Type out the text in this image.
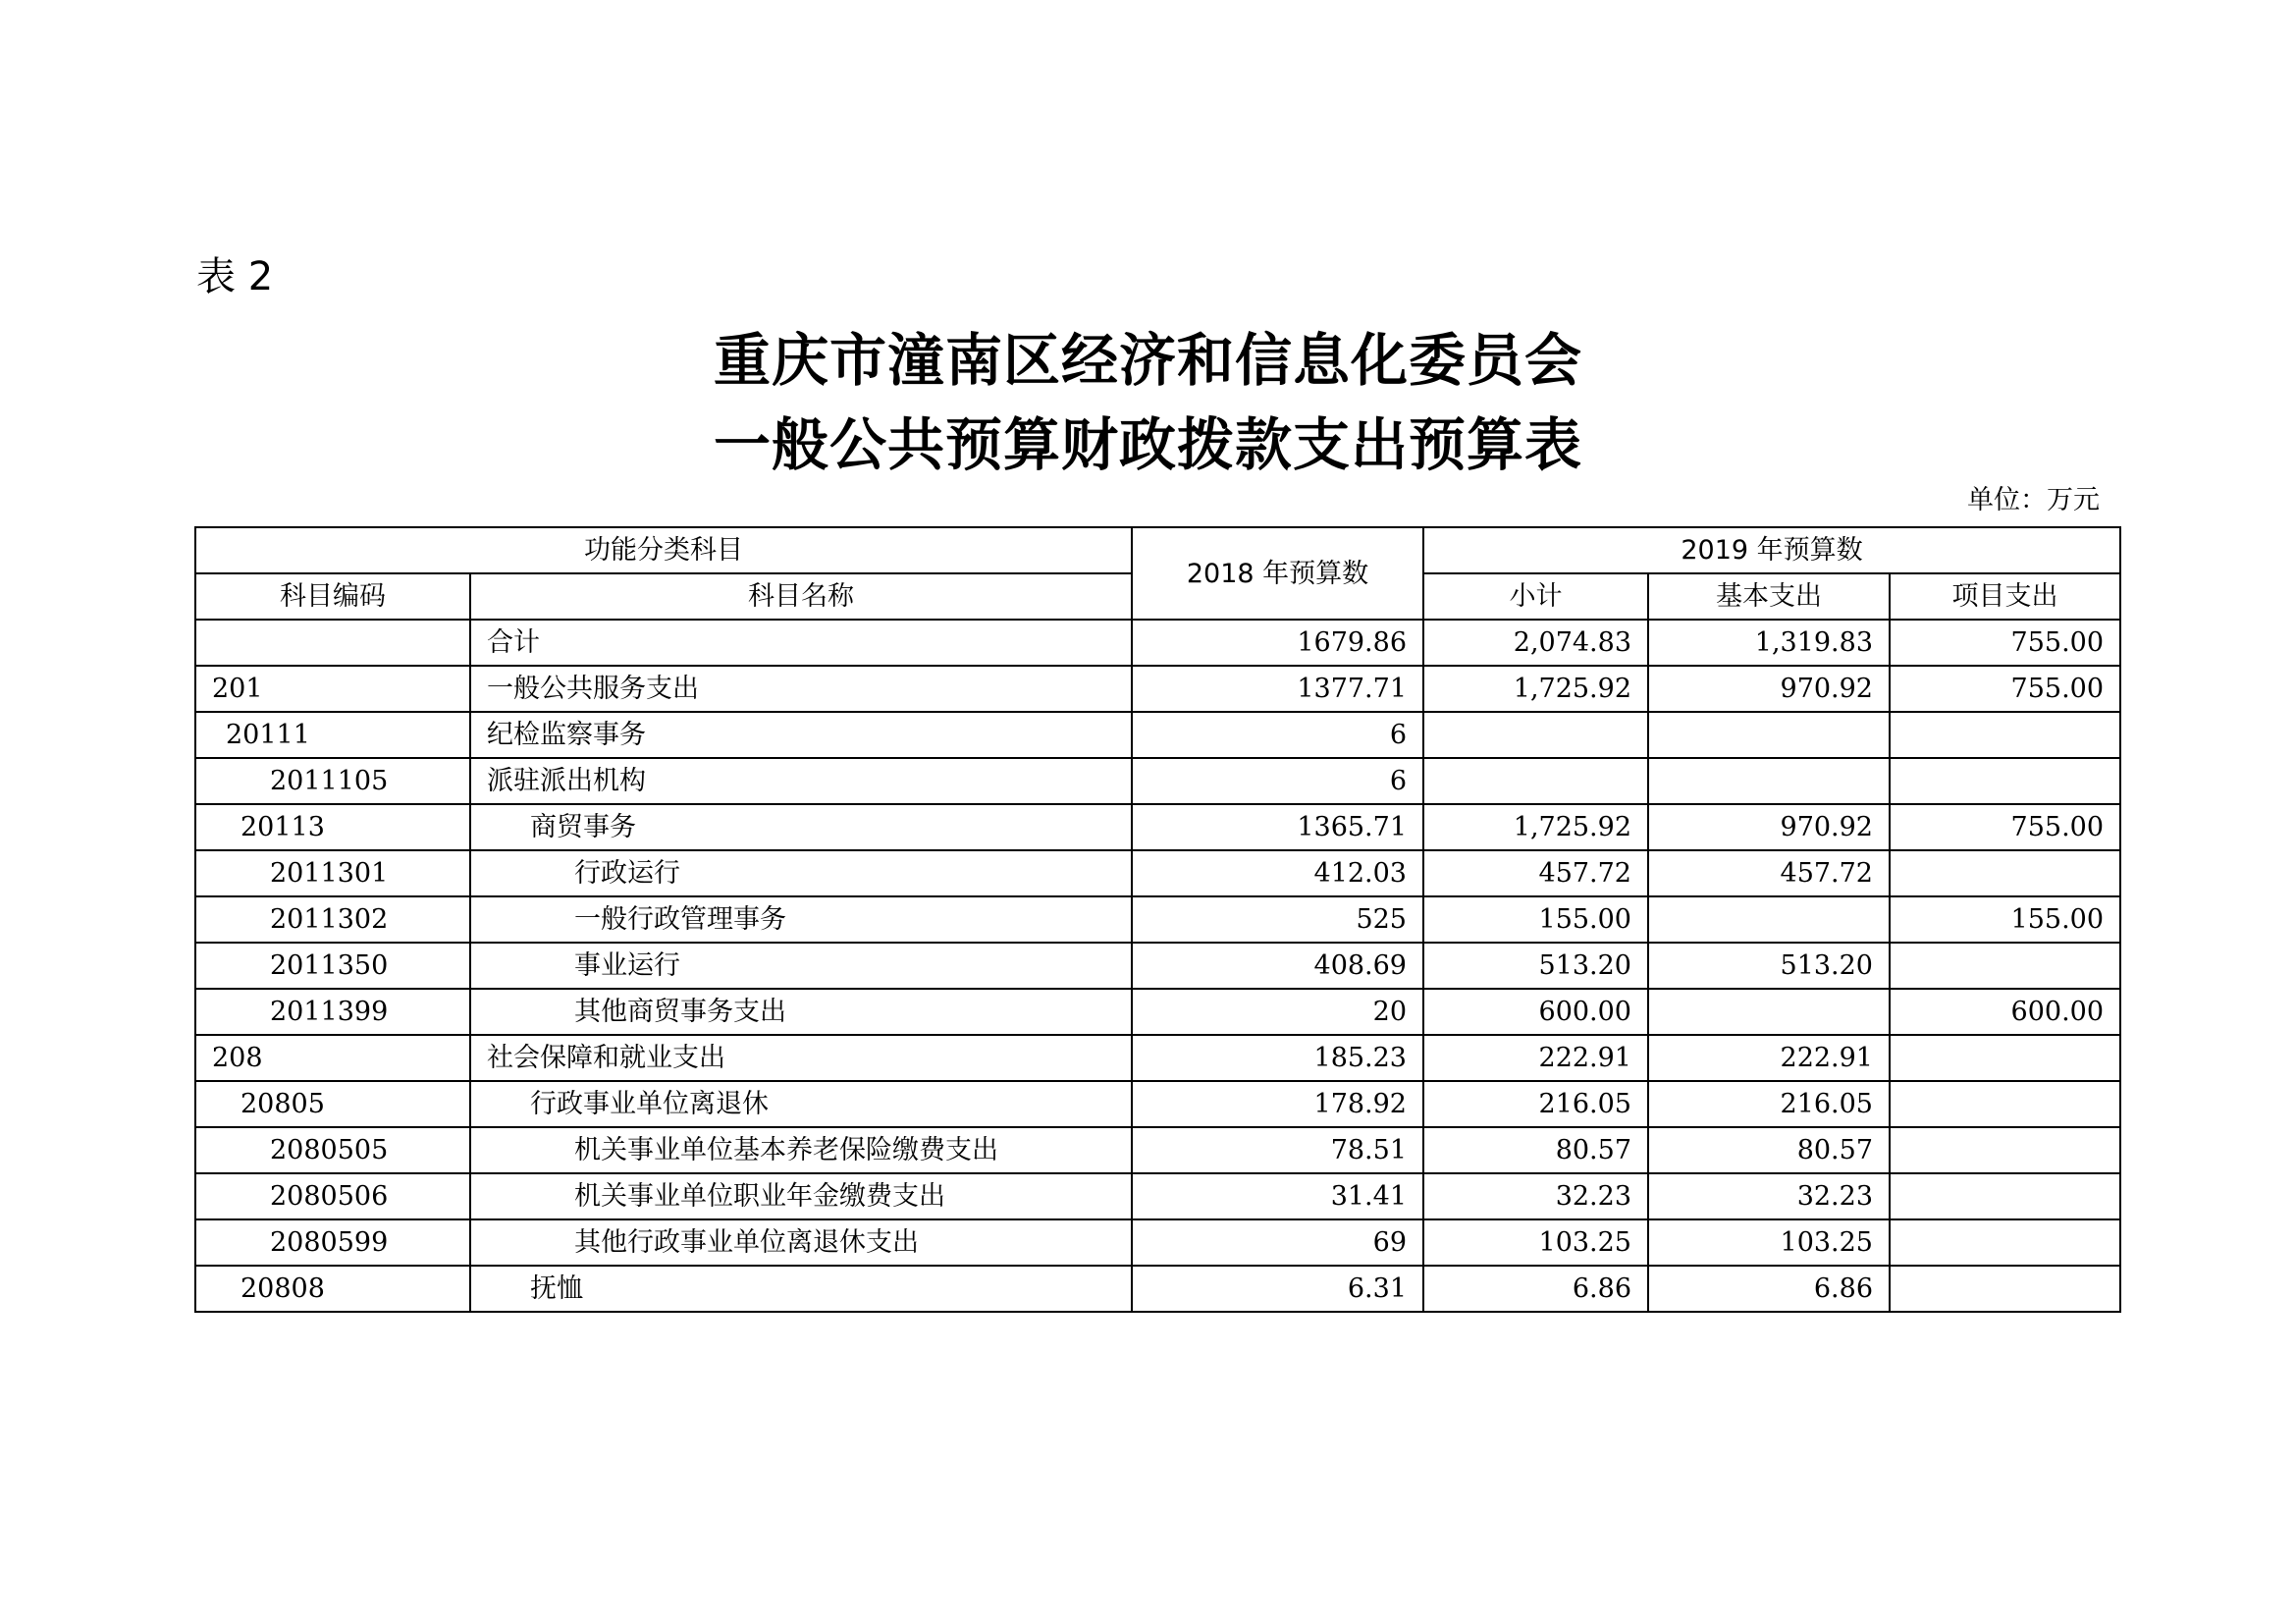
表 2
重庆市潼南区经济和信息化委员会
一般公共预算财政拨款支出预算表
单位：万元
功能分类科目		2018 年预算数	2019 年预算数		
科目编码	科目名称		小计	基本支出	项目支出
	合计	1679.86	2,074.83	1,319.83	755.00
201	一般公共服务支出	1377.71	1,725.92	970.92	755.00
20111	纪检监察事务	6			
2011105	派驻派出机构	6			
20113	商贸事务	1365.71	1,725.92	970.92	755.00
2011301	行政运行	412.03	457.72	457.72	
2011302	一般行政管理事务	525	155.00		155.00
2011350	事业运行	408.69	513.20	513.20	
2011399	其他商贸事务支出	20	600.00		600.00
208	社会保障和就业支出	185.23	222.91	222.91	
20805	行政事业单位离退休	178.92	216.05	216.05	
2080505	机关事业单位基本养老保险缴费支出	78.51	80.57	80.57	
2080506	机关事业单位职业年金缴费支出	31.41	32.23	32.23	
2080599	其他行政事业单位离退休支出	69	103.25	103.25	
20808	抚恤	6.31	6.86	6.86	
